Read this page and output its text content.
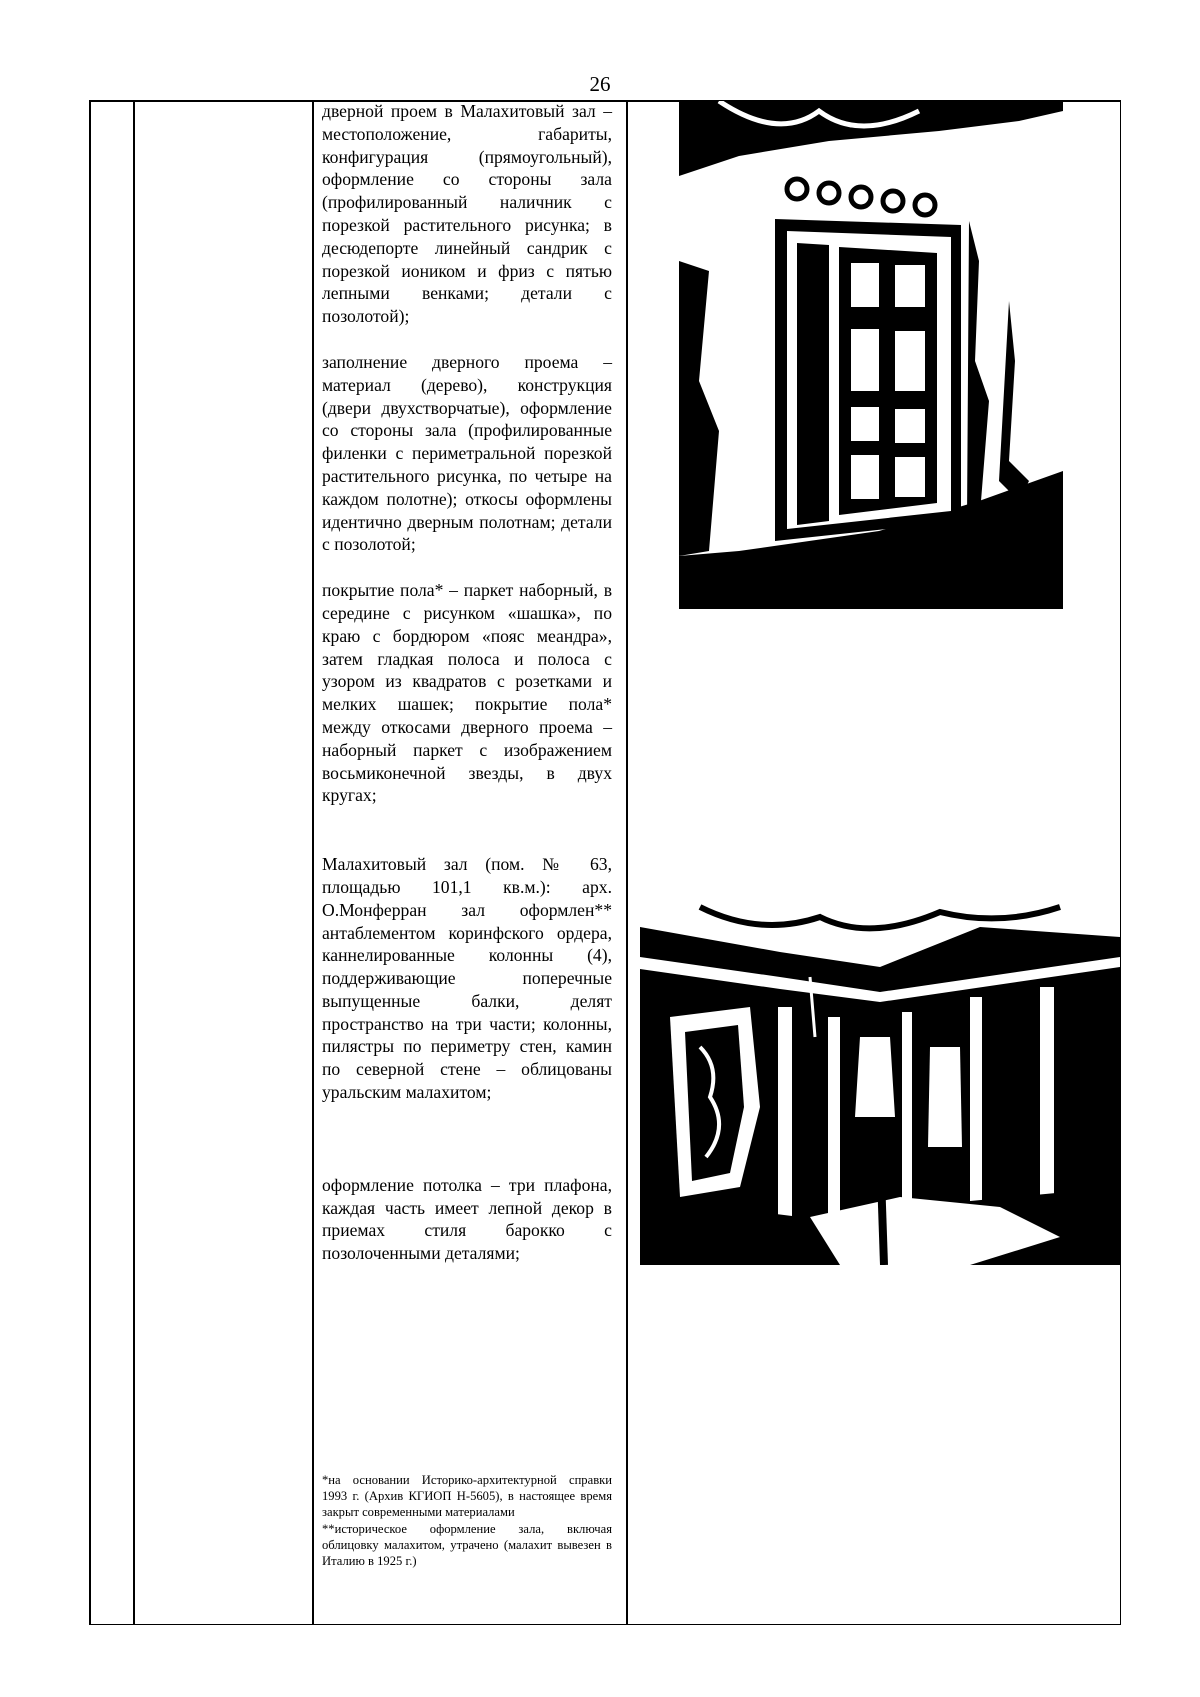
26

дверной проем в Малахитовый зал – местоположение, габариты, конфигурация (прямоугольный), оформление со стороны зала (профилированный наличник с порезкой растительного рисунка; в десюдепорте линейный сандрик с порезкой иоником и фриз с пятью лепными венками; детали с позолотой);

заполнение дверного проема – материал (дерево), конструкция (двери двухстворчатые), оформление со стороны зала (профилированные филенки с периметральной порезкой растительного рисунка, по четыре на каждом полотне); откосы оформлены идентично дверным полотнам; детали с позолотой;

покрытие пола* – паркет наборный, в середине с рисунком «шашка», по краю с бордюром «пояс меандра», затем гладкая полоса и полоса с узором из квадратов с розетками и мелких шашек; покрытие пола* между откосами дверного проема – наборный паркет с изображением восьмиконечной звезды, в двух кругах;

Малахитовый зал (пом. № 63, площадью 101,1 кв.м.): арх. О.Монферран зал оформлен** антаблементом коринфского ордера, каннелированные колонны (4), поддерживающие поперечные выпущенные балки, делят пространство на три части; колонны, пилястры по периметру стен, камин по северной стене – облицованы уральским малахитом;

оформление потолка – три плафона, каждая часть имеет лепной декор в приемах стиля барокко с позолоченными деталями;

*на основании Историко-архитектурной справки 1993 г. (Архив КГИОП Н-5605), в настоящее время закрыт современными материалами

**историческое оформление зала, включая облицовку малахитом, утрачено (малахит вывезен в Италию в 1925 г.)
